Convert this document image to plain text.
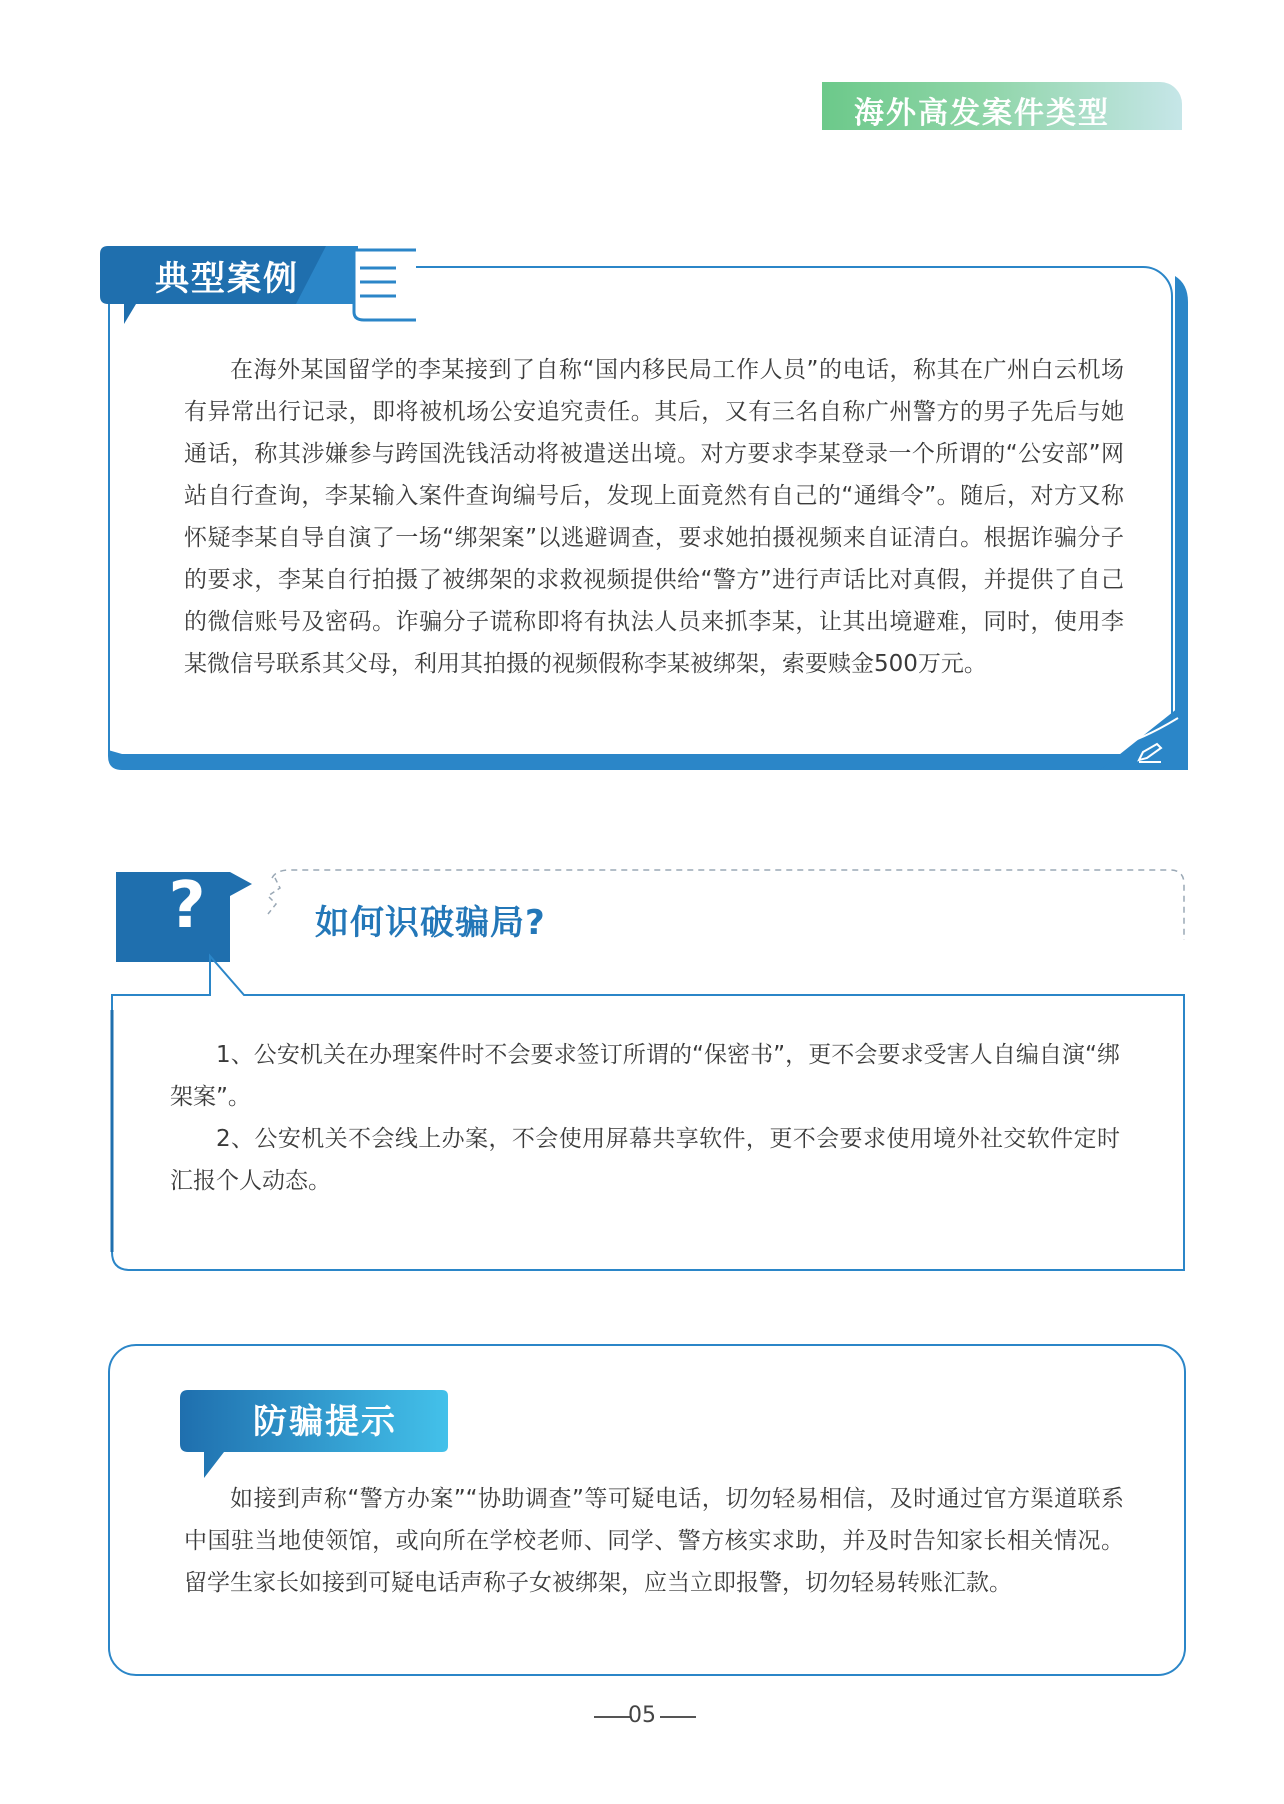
海外高发案件类型
典型案例
在海外某国留学的李某接到了自称“国内移民局工作人员”的电话，称其在广州白云机场有异常出行记录，即将被机场公安追究责任。其后，又有三名自称广州警方的男子先后与她通话，称其涉嫌参与跨国洗钱活动将被遣送出境。对方要求李某登录一个所谓的“公安部”网站自行查询，李某输入案件查询编号后，发现上面竟然有自己的“通缉令”。随后，对方又称怀疑李某自导自演了一场“绑架案”以逃避调查，要求她拍摄视频来自证清白。根据诈骗分子的要求，李某自行拍摄了被绑架的求救视频提供给“警方”进行声话比对真假，并提供了自己的微信账号及密码。诈骗分子谎称即将有执法人员来抓李某，让其出境避难，同时，使用李某微信号联系其父母，利用其拍摄的视频假称李某被绑架，索要赎金500万元。
?	如何识破骗局?

1、公安机关在办理案件时不会要求签订所谓的“保密书”，更不会要求受害人自编自演“绑架案”。

2、公安机关不会线上办案，不会使用屏幕共享软件，更不会要求使用境外社交软件定时汇报个人动态。

防骗提示
如接到声称“警方办案”“协助调查”等可疑电话，切勿轻易相信，及时通过官方渠道联系中国驻当地使领馆，或向所在学校老师、同学、警方核实求助，并及时告知家长相关情况。留学生家长如接到可疑电话声称子女被绑架，应当立即报警，切勿轻易转账汇款。
05
